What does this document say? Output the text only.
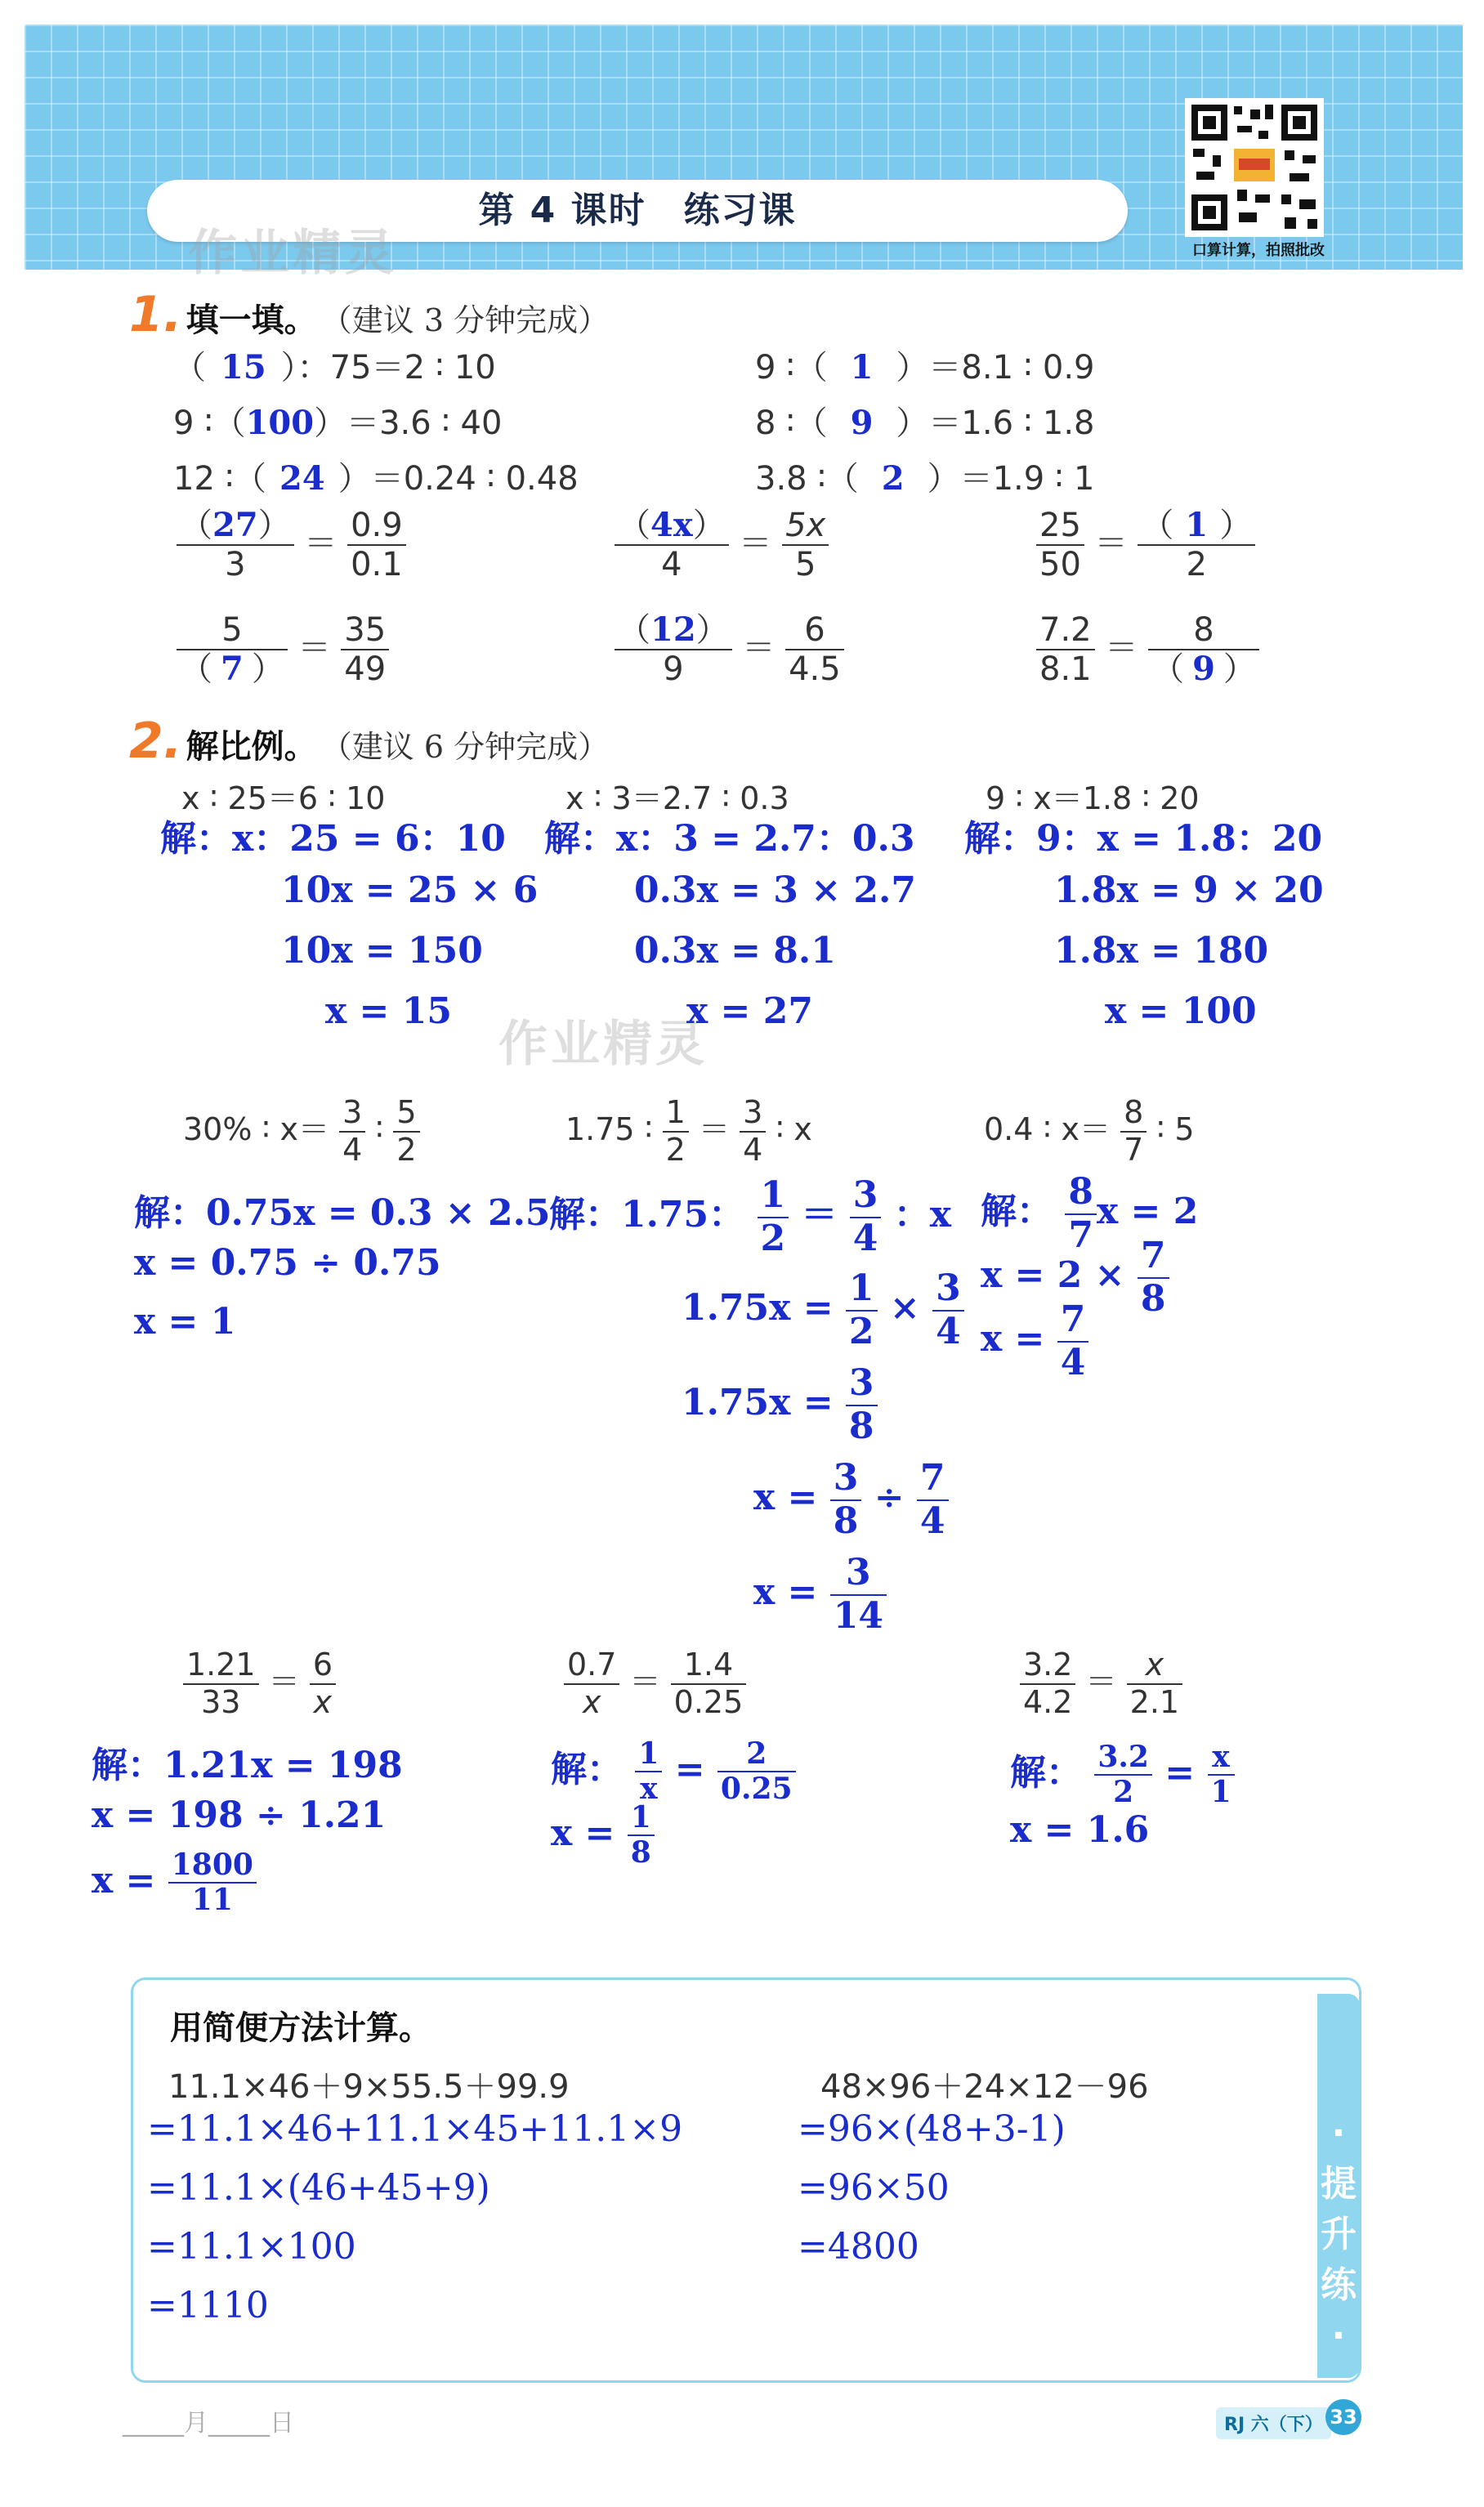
第 4 课时　练习课
口算计算，拍照批改
作业精灵
作业精灵
1. 填一填。 （建议 3 分钟完成）
（ 15 ）：75＝2 ∶ 10	9 ∶（ 1 ）＝8.1 ∶ 0.9
9 ∶（100）＝3.6 ∶ 40	8 ∶（ 9 ）＝1.6 ∶ 1.8
12 ∶（ 24 ）＝0.24 ∶ 0.48	3.8 ∶（ 2 ）＝1.9 ∶ 1
$\frac{(27)}{3} = \frac{0.9}{0.1}$	$\frac{(4x)}{4} = \frac{5x}{5}$	$\frac{25}{50} = \frac{( 1 )}{2}$
$\frac{5}{( 7 )} = \frac{35}{49}$	$\frac{(12)}{9} = \frac{6}{4.5}$	$\frac{7.2}{8.1} = \frac{8}{( 9 )}$
2. 解比例。 （建议 6 分钟完成）
x ∶ 25＝6 ∶ 10
解：x：25 = 6：10
10x = 25 × 6
10x = 150
x = 15
x ∶ 3＝2.7 ∶ 0.3
解：x：3 = 2.7：0.3
0.3x = 3 × 2.7
0.3x = 8.1
x = 27
9 ∶ x＝1.8 ∶ 20
解：9：x = 1.8：20
1.8x = 9 × 20
1.8x = 180
x = 100
30% ∶ $x= \frac{3}{4}$ ∶ $\frac{5}{2}$
解：0.75x = 0.3 × 2.5
x = 0.75 ÷ 0.75
x = 1
1.75 ∶ $\frac{1}{2} = \frac{3}{4}$ ∶ x
解：1.75： $\frac{1}{2} = \frac{3}{4}$ ：x
$1.75x = \frac{1}{2} \times \frac{3}{4}$
$1.75x = \frac{3}{8}$
$x = \frac{3}{8} \div \frac{7}{4}$
$x = \frac{3}{14}$
0.4 ∶ $x= \frac{8}{7}$ ∶ 5
解： $\frac{8}{7}$ x = 2
$x = 2 \times \frac{7}{8}$
$x = \frac{7}{4}$
$\frac{1.21}{33} = \frac{6}{x}$
解：1.21x = 198
x = 198 ÷ 1.21
$x = \frac{1800}{11}$
$\frac{0.7}{x} = \frac{1.4}{0.25}$
解： $\frac{1}{x} = \frac{2}{0.25}$
$x = \frac{1}{8}$
$\frac{3.2}{4.2} = \frac{x}{2.1}$
解： $\frac{3.2}{2} = \frac{x}{1}$
x = 1.6
·提升练·
用简便方法计算。
11.1×46＋9×55.5＋99.9
=11.1×46+11.1×45+11.1×9
=11.1×(46+45+9)
=11.1×100
=1110
48×96＋24×12－96
=96×(48+3-1)
=96×50
=4800
_____月_____日	RJ 六（下） 33
